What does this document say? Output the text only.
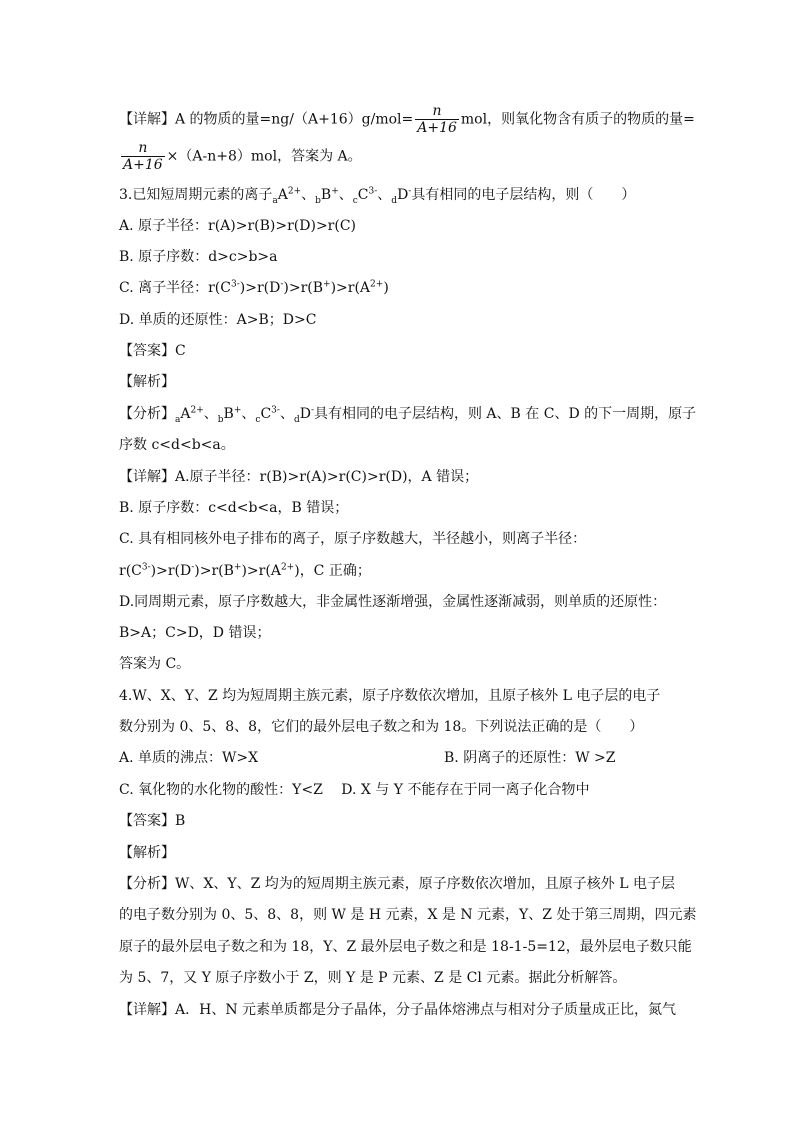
【详解】A 的物质的量$=ng/(A+16)g/mol= \frac{n}{A+16}$ mol，则氧化物含有质子的物质的量=
$\frac{n}{A+16} \times(A-n+8)mol$，答案为 A。
3.已知短周期元素的离子$_aA^{2+}$、$_b$B+、$_cC^{3-}$、$_d$D-具有相同的电子层结构，则（　　）
A. 原子半径：r(A)>r(B)>r(D)>r(C)
B. 原子序数：d>c>b>a
C. 离子半径：$r(C^{3-})>r(D^-)>r(B^+)>r(A^{2+})$
D. 单质的还原性：A>B；D>C
【答案】C
【解析】
【分析】$_aA^{2+}$、$_b$B+、$_cC^{3-}$、$_d$D-具有相同的电子层结构，则 A、B 在 C、D 的下一周期，原子
序数 c<d<b<a。
【详解】A.原子半径：r(B)>r(A)>r(C)>r(D)，A 错误；
B. 原子序数：c<d<b<a，B 错误；
C. 具有相同核外电子排布的离子，原子序数越大，半径越小，则离子半径：
$r(C^{3-})>r(D^-)>r(B^+)>r(A^{2+})$，C 正确；
D.同周期元素，原子序数越大，非金属性逐渐增强，金属性逐渐减弱，则单质的还原性：
B>A；C>D，D 错误；
答案为 C。
4.W、X、Y、Z 均为短周期主族元素，原子序数依次增加，且原子核外 L 电子层的电子
数分别为 0、5、8、8，它们的最外层电子数之和为 18。下列说法正确的是（　　）
A. 单质的沸点：W>X	B. 阴离子的还原性：W >Z
C. 氧化物的水化物的酸性：Y<Z　 D. X 与 Y 不能存在于同一离子化合物中
【答案】B
【解析】
【分析】W、X、Y、Z 均为的短周期主族元素，原子序数依次增加，且原子核外 L 电子层
的电子数分别为 0、5、8、8，则 W 是 H 元素，X 是 N 元素，Y、Z 处于第三周期，四元素
原子的最外层电子数之和为 18，Y、Z 最外层电子数之和是 18-1-5=12，最外层电子数只能
为 5、7，又 Y 原子序数小于 Z，则 Y 是 P 元素、Z 是 Cl 元素。据此分析解答。
【详解】A．H、N 元素单质都是分子晶体，分子晶体熔沸点与相对分子质量成正比，氮气
